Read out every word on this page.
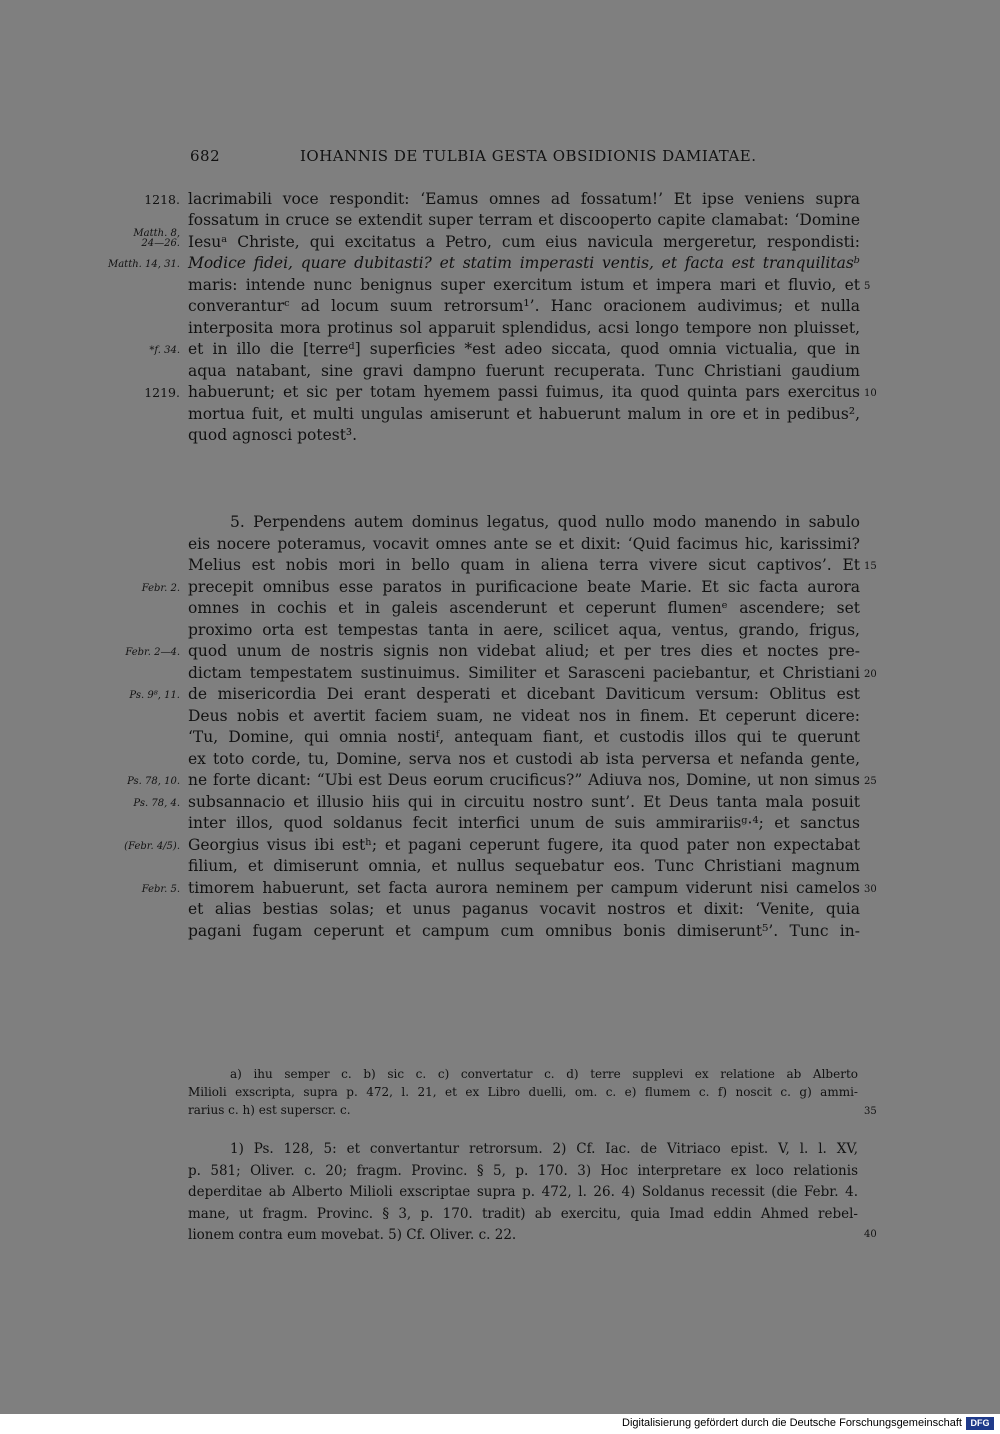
682	IOHANNIS DE TULBIA GESTA OBSIDIONIS DAMIATAE.
lacrimabili voce respondit: ‘Eamus omnes ad fossatum!’ Et ipse veniens supra
fossatum in cruce se extendit super terram et discooperto capite clamabat: ‘Domine
Iesuᵃ Christe, qui excitatus a Petro, cum eius navicula mergeretur, respondisti:
Modice fidei, quare dubitasti? et statim imperasti ventis, et facta est tranquilitasᵇ
maris: intende nunc benignus super exercitum istum et impera mari et fluvio, et
converanturᶜ ad locum suum retrorsum¹’. Hanc oracionem audivimus; et nulla
interposita mora protinus sol apparuit splendidus, acsi longo tempore non pluisset,
et in illo die [terreᵈ] superficies *est adeo siccata, quod omnia victualia, que in
aqua natabant, sine gravi dampno fuerunt recuperata. Tunc Christiani gaudium
habuerunt; et sic per totam hyemem passi fuimus, ita quod quinta pars exercitus
mortua fuit, et multi ungulas amiserunt et habuerunt malum in ore et in pedibus²,
quod agnosci potest³.
5. Perpendens autem dominus legatus, quod nullo modo manendo in sabulo
eis nocere poteramus, vocavit omnes ante se et dixit: ‘Quid facimus hic, karissimi?
Melius est nobis mori in bello quam in aliena terra vivere sicut captivos’. Et
precepit omnibus esse paratos in purificacione beate Marie. Et sic facta aurora
omnes in cochis et in galeis ascenderunt et ceperunt flumenᵉ ascendere; set
proximo orta est tempestas tanta in aere, scilicet aqua, ventus, grando, frigus,
quod unum de nostris signis non videbat aliud; et per tres dies et noctes pre-
dictam tempestatem sustinuimus. Similiter et Sarasceni paciebantur, et Christiani
de misericordia Dei erant desperati et dicebant Daviticum versum: Oblitus est
Deus nobis et avertit faciem suam, ne videat nos in finem. Et ceperunt dicere:
‘Tu, Domine, qui omnia nostiᶠ, antequam fiant, et custodis illos qui te querunt
ex toto corde, tu, Domine, serva nos et custodi ab ista perversa et nefanda gente,
ne forte dicant: “Ubi est Deus eorum crucificus?” Adiuva nos, Domine, ut non simus
subsannacio et illusio hiis qui in circuitu nostro sunt’. Et Deus tanta mala posuit
inter illos, quod soldanus fecit interfici unum de suis ammirariisᵍ·⁴; et sanctus
Georgius visus ibi estʰ; et pagani ceperunt fugere, ita quod pater non expectabat
filium, et dimiserunt omnia, et nullus sequebatur eos. Tunc Christiani magnum
timorem habuerunt, set facta aurora neminem per campum viderunt nisi camelos
et alias bestias solas; et unus paganus vocavit nostros et dixit: ‘Venite, quia
pagani fugam ceperunt et campum cum omnibus bonis dimiserunt⁵’. Tunc in-
1218.
Matth. 8, 24—26.
Matth. 14, 31.
*f. 34.
1219.
Febr. 2.
Febr. 2—4.
Ps. 9⁸, 11.
Ps. 78, 10.
Ps. 78, 4.
(Febr. 4/5).
Febr. 5.
5
10
15
20
25
30
35
40
a) ihu semper c. b) sic c. c) convertatur c. d) terre supplevi ex relatione ab Alberto
Milioli exscripta, supra p. 472, l. 21, et ex Libro duelli, om. c. e) flumem c. f) noscit c. g) ammi-
rarius c. h) est superscr. c.
1) Ps. 128, 5: et convertantur retrorsum. 2) Cf. Iac. de Vitriaco epist. V, l. l. XV,
p. 581; Oliver. c. 20; fragm. Provinc. § 5, p. 170. 3) Hoc interpretare ex loco relationis
deperditae ab Alberto Milioli exscriptae supra p. 472, l. 26. 4) Soldanus recessit (die Febr. 4.
mane, ut fragm. Provinc. § 3, p. 170. tradit) ab exercitu, quia Imad eddin Ahmed rebel-
lionem contra eum movebat. 5) Cf. Oliver. c. 22.
Digitalisierung gefördert durch die Deutsche Forschungsgemeinschaft DFG
